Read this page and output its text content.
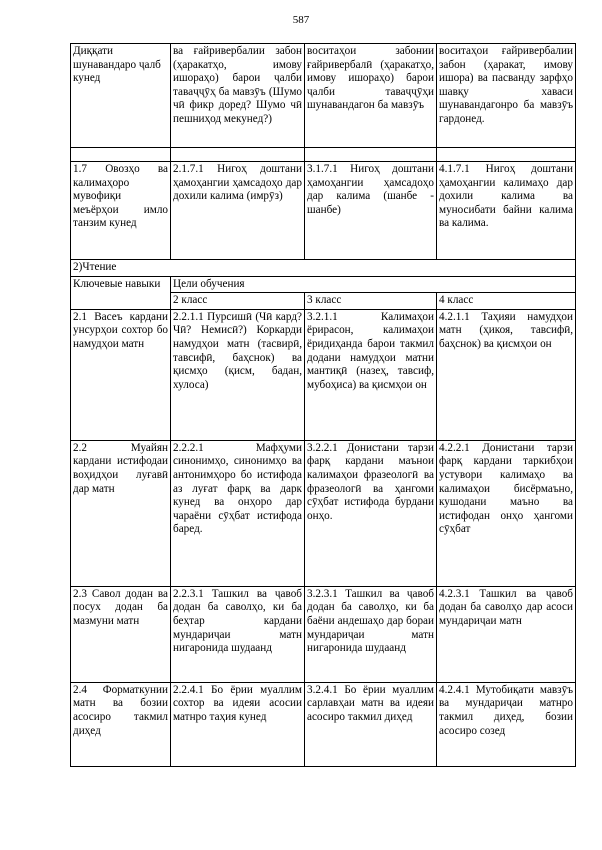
587
Диққати шунавандаро ҷалб кунед	ва ғайривербалии забон (ҳаракатҳо, имову ишораҳо) барои ҷалби таваҷҷӯҳ ба мавзӯъ (Шумо чӣ фикр доред? Шумо чӣ пешниҳод мекунед?)	воситаҳои забонии ғайривербалӣ (ҳаракатҳо, имову ишораҳо) барои ҷалби таваҷҷӯҳи шунавандагон ба мавзӯъ	воситаҳои ғайривербалии забон (ҳаракат, имову ишора) ва пасванду зарфҳо шавқу хаваси шунавандагонро ба мавзӯъ гардонед.

1.7 Овозҳо ва калимаҳоро мувофиқи меъёрҳои имло танзим кунед	2.1.7.1 Нигоҳ доштани ҳамоҳангии ҳамсадоҳо дар дохили калима (имрӯз)	3.1.7.1 Нигоҳ доштани ҳамоҳангии ҳамсадоҳо дар калима (шанбе - шанбе)	4.1.7.1 Нигоҳ доштани ҳамоҳангии калимаҳо дар дохили калима ва муносибати байни калима ва калима.
2)Чтение			
Ключевые навыки	Цели обучения		
	2 класс	3 класс	4 класс
2.1 Васеъ кардани унсурҳои сохтор бо намудҳои матн	2.2.1.1 Пурсишӣ (Чӣ кард? Чӣ? Немисӣ?) Коркарди намудҳои матн (тасвирӣ, тавсифӣ, баҳснок) ва қисмҳо (қисм, бадан, хулоса)	3.2.1.1 Калимаҳои ёрирасон, калимаҳои ёридиҳанда барои такмил додани намудҳои матни мантиқӣ (назеҳ, тавсиф, мубоҳиса) ва қисмҳои он	4.2.1.1 Таҳияи намудҳои матн (ҳикоя, тавсифӣ, баҳснок) ва қисмҳои он
2.2 Муайян кардани истифодаи воҳидҳои луғавӣ дар матн	2.2.2.1 Мафҳуми синонимҳо, синонимҳо ва антонимҳоро бо истифода аз луғат фарқ ва дарк кунед ва онҳоро дар чараёни сӯҳбат истифода баред.	3.2.2.1 Донистани тарзи фарқ кардани маънои калимаҳои фразеологӣ ва фразеологӣ ва ҳангоми сӯҳбат истифода бурдани онҳо.	4.2.2.1 Донистани тарзи фарқ кардани таркибҳои устувори калимаҳо ва калимаҳои бисёрмаъно, кушодани маъно ва истифодан онҳо ҳангоми сӯҳбат
2.3 Савол додан ва посух додан ба мазмуни матн	2.2.3.1 Ташкил ва ҷавоб додан ба саволҳо, ки ба беҳтар кардани мундариҷаи матн нигаронида шудаанд	3.2.3.1 Ташкил ва ҷавоб додан ба саволҳо, ки ба баёни андешаҳо дар бораи мундариҷаи матн нигаронида шудаанд	4.2.3.1 Ташкил ва ҷавоб додан ба саволҳо дар асоси мундариҷаи матн
2.4 Форматкунии матн ва бозии асосиро такмил диҳед	2.2.4.1 Бо ёрии муаллим сохтор ва идеяи асосии матнро таҳия кунед	3.2.4.1 Бо ёрии муаллим сарлавҳаи матн ва идеяи асосиро такмил диҳед	4.2.4.1 Мутобиқати мавзӯъ ва мундариҷаи матнро такмил диҳед, бозии асосиро созед
